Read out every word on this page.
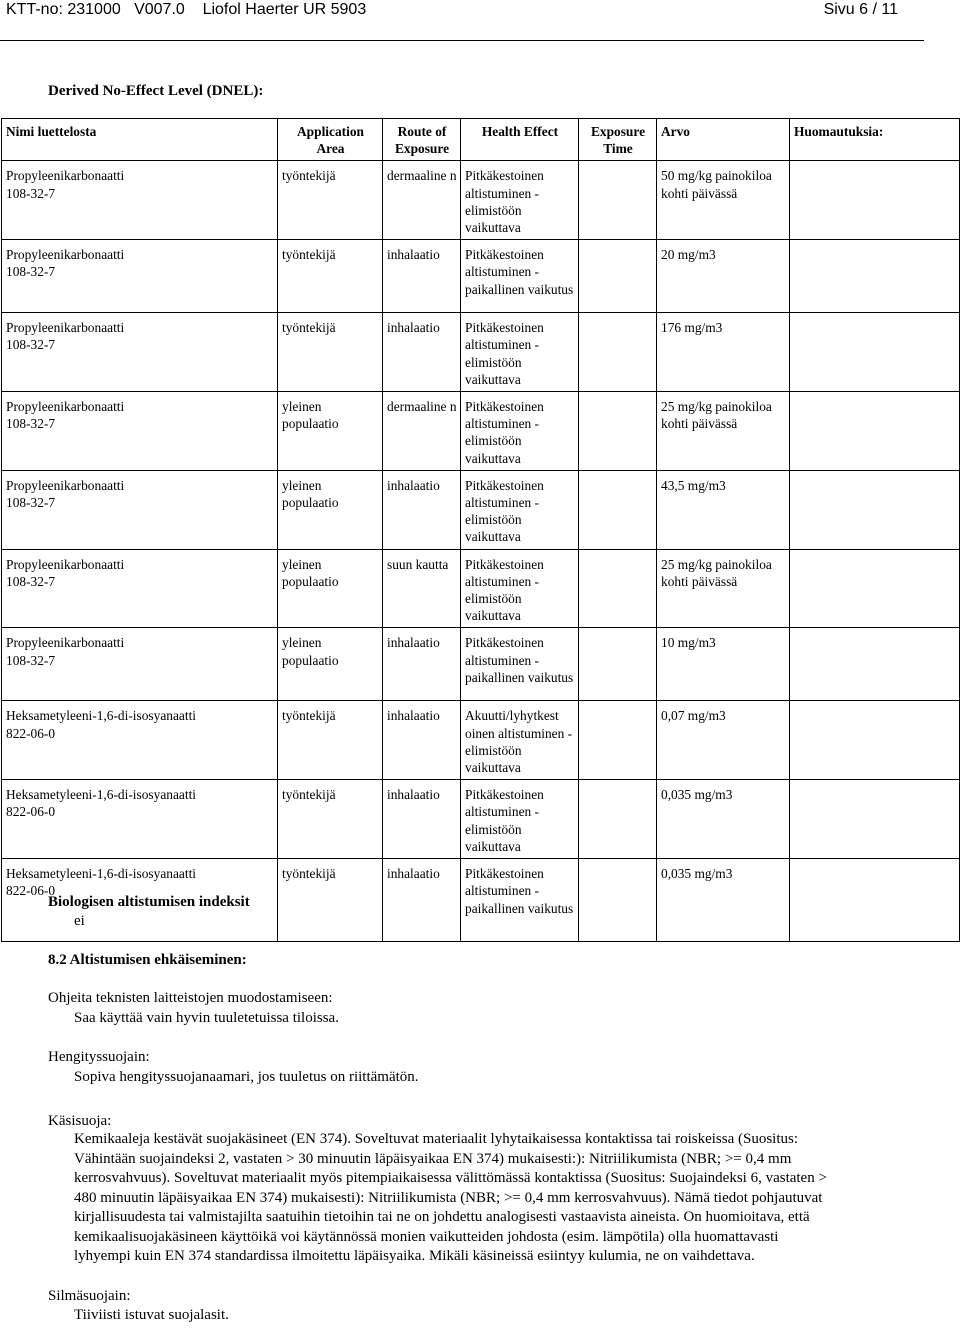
KTT-no: 231000   V007.0    Liofol Haerter UR 5903	Sivu 6 / 11
Derived No-Effect Level (DNEL):
Nimi luettelosta	Application Area	Route of Exposure	Health Effect	Exposure Time	Arvo	Huomautuksia:

Propyleenikarbonaatti
108-32-7	työntekijä	dermaaline n	Pitkäkestoinen altistuminen - elimistöön vaikuttava		50 mg/kg painokiloa kohti päivässä	

Propyleenikarbonaatti
108-32-7	työntekijä	inhalaatio	Pitkäkestoinen altistuminen - paikallinen vaikutus		20 mg/m3	

Propyleenikarbonaatti
108-32-7	työntekijä	inhalaatio	Pitkäkestoinen altistuminen - elimistöön vaikuttava		176 mg/m3	

Propyleenikarbonaatti
108-32-7	yleinen populaatio	dermaaline n	Pitkäkestoinen altistuminen - elimistöön vaikuttava		25 mg/kg painokiloa kohti päivässä	

Propyleenikarbonaatti
108-32-7	yleinen populaatio	inhalaatio	Pitkäkestoinen altistuminen - elimistöön vaikuttava		43,5 mg/m3	

Propyleenikarbonaatti
108-32-7	yleinen populaatio	suun kautta	Pitkäkestoinen altistuminen - elimistöön vaikuttava		25 mg/kg painokiloa kohti päivässä	

Propyleenikarbonaatti
108-32-7	yleinen populaatio	inhalaatio	Pitkäkestoinen altistuminen - paikallinen vaikutus		10 mg/m3	

Heksametyleeni-1,6-di-isosyanaatti
822-06-0	työntekijä	inhalaatio	Akuutti/lyhytkest oinen altistuminen - elimistöön vaikuttava		0,07 mg/m3	

Heksametyleeni-1,6-di-isosyanaatti
822-06-0	työntekijä	inhalaatio	Pitkäkestoinen altistuminen - elimistöön vaikuttava		0,035 mg/m3	

Heksametyleeni-1,6-di-isosyanaatti
822-06-0	työntekijä	inhalaatio	Pitkäkestoinen altistuminen - paikallinen vaikutus		0,035 mg/m3	
Biologisen altistumisen indeksit
ei
8.2 Altistumisen ehkäiseminen:
Ohjeita teknisten laitteistojen muodostamiseen:
Saa käyttää vain hyvin tuuletetuissa tiloissa.
Hengityssuojain:
Sopiva hengityssuojanaamari, jos tuuletus on riittämätön.
Käsisuoja:
Kemikaaleja kestävät suojakäsineet (EN 374). Soveltuvat materiaalit lyhytaikaisessa kontaktissa tai roiskeissa (Suositus:
Vähintään suojaindeksi 2, vastaten > 30 minuutin läpäisyaikaa EN 374) mukaisesti:): Nitriilikumista (NBR; >= 0,4 mm
kerrosvahvuus). Soveltuvat materiaalit myös pitempiaikaisessa välittömässä kontaktissa (Suositus: Suojaindeksi 6, vastaten >
480 minuutin läpäisyaikaa EN 374) mukaisesti): Nitriilikumista (NBR; >= 0,4 mm kerrosvahvuus). Nämä tiedot pohjautuvat
kirjallisuudesta tai valmistajilta saatuihin tietoihin tai ne on johdettu analogisesti vastaavista aineista. On huomioitava, että
kemikaalisuojakäsineen käyttöikä voi käytännössä monien vaikutteiden johdosta (esim. lämpötila) olla huomattavasti
lyhyempi kuin EN 374 standardissa ilmoitettu läpäisyaika. Mikäli käsineissä esiintyy kulumia, ne on vaihdettava.
Silmäsuojain:
Tiiviisti istuvat suojalasit.
